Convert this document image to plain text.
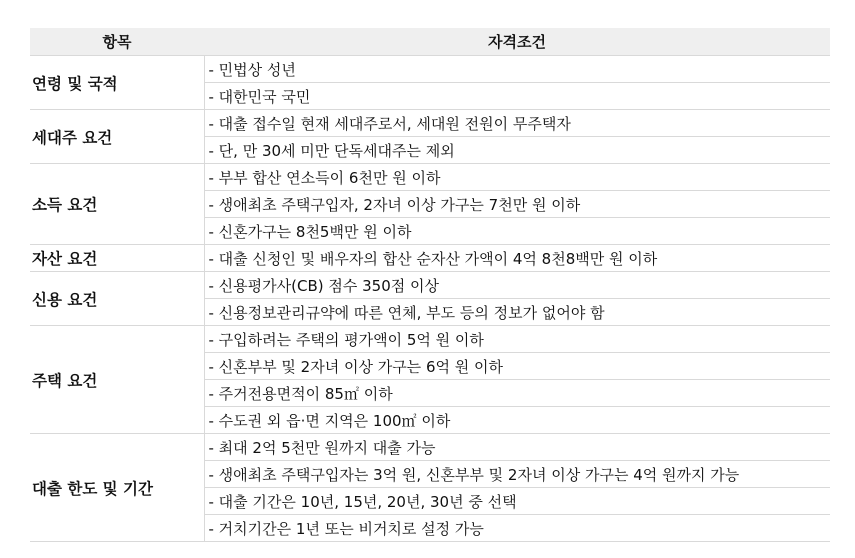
항목	자격조건
연령 및 국적	- 민법상 성년
	- 대한민국 국민
세대주 요건	- 대출 접수일 현재 세대주로서, 세대원 전원이 무주택자
	- 단, 만 30세 미만 단독세대주는 제외
소득 요건	- 부부 합산 연소득이 6천만 원 이하
	- 생애최초 주택구입자, 2자녀 이상 가구는 7천만 원 이하
	- 신혼가구는 8천5백만 원 이하
자산 요건	- 대출 신청인 및 배우자의 합산 순자산 가액이 4억 8천8백만 원 이하
신용 요건	- 신용평가사(CB) 점수 350점 이상
	- 신용정보관리규약에 따른 연체, 부도 등의 정보가 없어야 함
주택 요건	- 구입하려는 주택의 평가액이 5억 원 이하
	- 신혼부부 및 2자녀 이상 가구는 6억 원 이하
	- 주거전용면적이 85㎡ 이하
	- 수도권 외 읍·면 지역은 100㎡ 이하
대출 한도 및 기간	- 최대 2억 5천만 원까지 대출 가능
	- 생애최초 주택구입자는 3억 원, 신혼부부 및 2자녀 이상 가구는 4억 원까지 가능
	- 대출 기간은 10년, 15년, 20년, 30년 중 선택
	- 거치기간은 1년 또는 비거치로 설정 가능
